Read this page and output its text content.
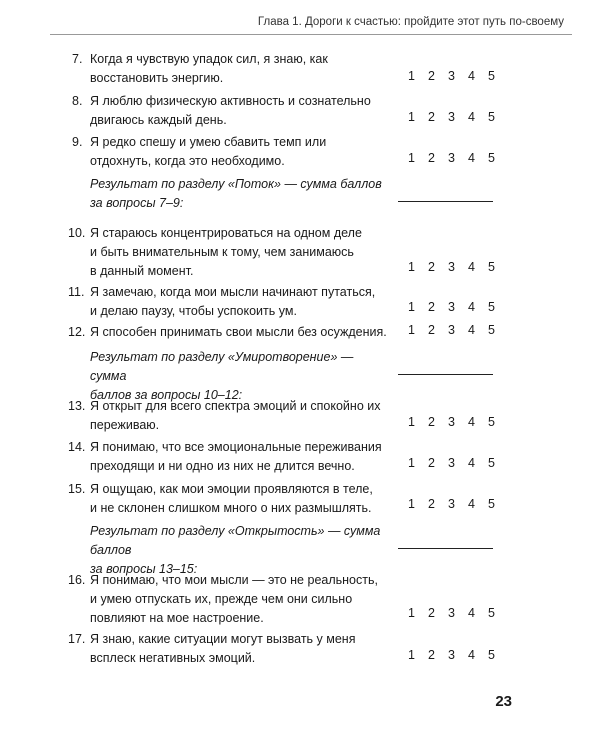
Глава 1. Дороги к счастью: пройдите этот путь по-своему
7. Когда я чувствую упадок сил, я знаю, как
восстановить энергию.	1 2 3 4 5
8. Я люблю физическую активность и сознательно
двигаюсь каждый день.	1 2 3 4 5
9. Я редко спешу и умею сбавить темп или
отдохнуть, когда это необходимо.	1 2 3 4 5
Результат по разделу «Поток» — сумма баллов
за вопросы 7–9:
10. Я стараюсь концентрироваться на одном деле
и быть внимательным к тому, чем занимаюсь
в данный момент.	1 2 3 4 5
11. Я замечаю, когда мои мысли начинают путаться,
и делаю паузу, чтобы успокоить ум.	1 2 3 4 5
12. Я способен принимать свои мысли без осуждения.	1 2 3 4 5
Результат по разделу «Умиротворение» — сумма
баллов за вопросы 10–12:
13. Я открыт для всего спектра эмоций и спокойно их
переживаю.	1 2 3 4 5
14. Я понимаю, что все эмоциональные переживания
преходящи и ни одно из них не длится вечно.	1 2 3 4 5
15. Я ощущаю, как мои эмоции проявляются в теле,
и не склонен слишком много о них размышлять.	1 2 3 4 5
Результат по разделу «Открытость» — сумма баллов
за вопросы 13–15:
16. Я понимаю, что мои мысли — это не реальность,
и умею отпускать их, прежде чем они сильно
повлияют на мое настроение.	1 2 3 4 5
17. Я знаю, какие ситуации могут вызвать у меня
всплеск негативных эмоций.	1 2 3 4 5
23
